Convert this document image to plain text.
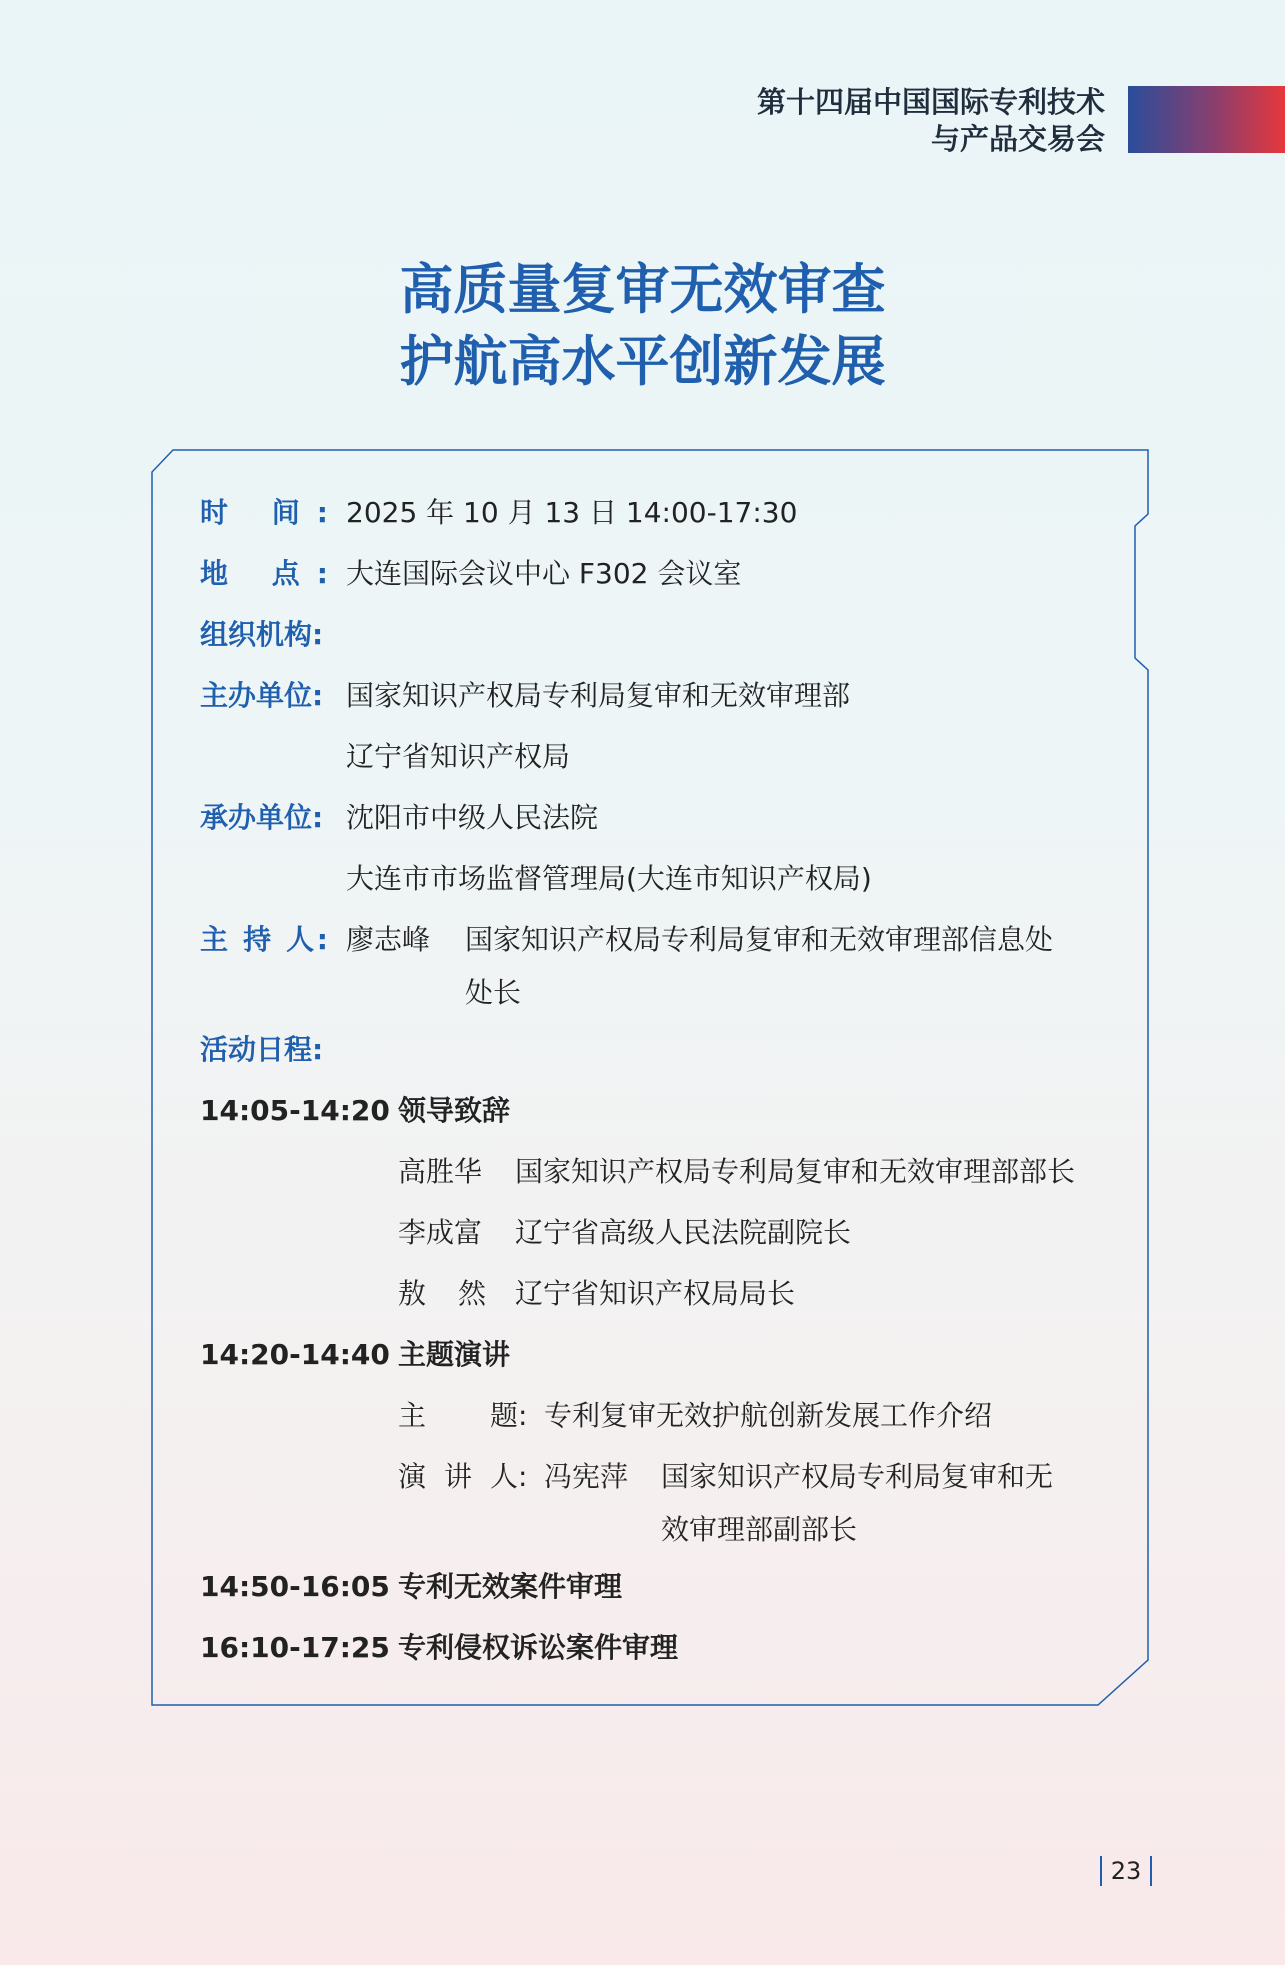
第十四届中国国际专利技术
与产品交易会
高质量复审无效审查
护航高水平创新发展
时 间: 2025 年 10 月 13 日 14:00-17:30
地 点: 大连国际会议中心 F302 会议室
组织机构:
主办单位: 国家知识产权局专利局复审和无效审理部
辽宁省知识产权局
承办单位: 沈阳市中级人民法院
大连市市场监督管理局(大连市知识产权局)
主 持 人: 廖志峰	国家知识产权局专利局复审和无效审理部信息处
处长
活动日程:
14:05-14:20 领导致辞
高胜华	国家知识产权局专利局复审和无效审理部部长
李成富	辽宁省高级人民法院副院长
敖 然 辽宁省知识产权局局长
14:20-14:40 主题演讲
主 题 : 专利复审无效护航创新发展工作介绍
演 讲 人 : 冯宪萍	国家知识产权局专利局复审和无
效审理部副部长
14:50-16:05 专利无效案件审理
16:10-17:25 专利侵权诉讼案件审理
23
